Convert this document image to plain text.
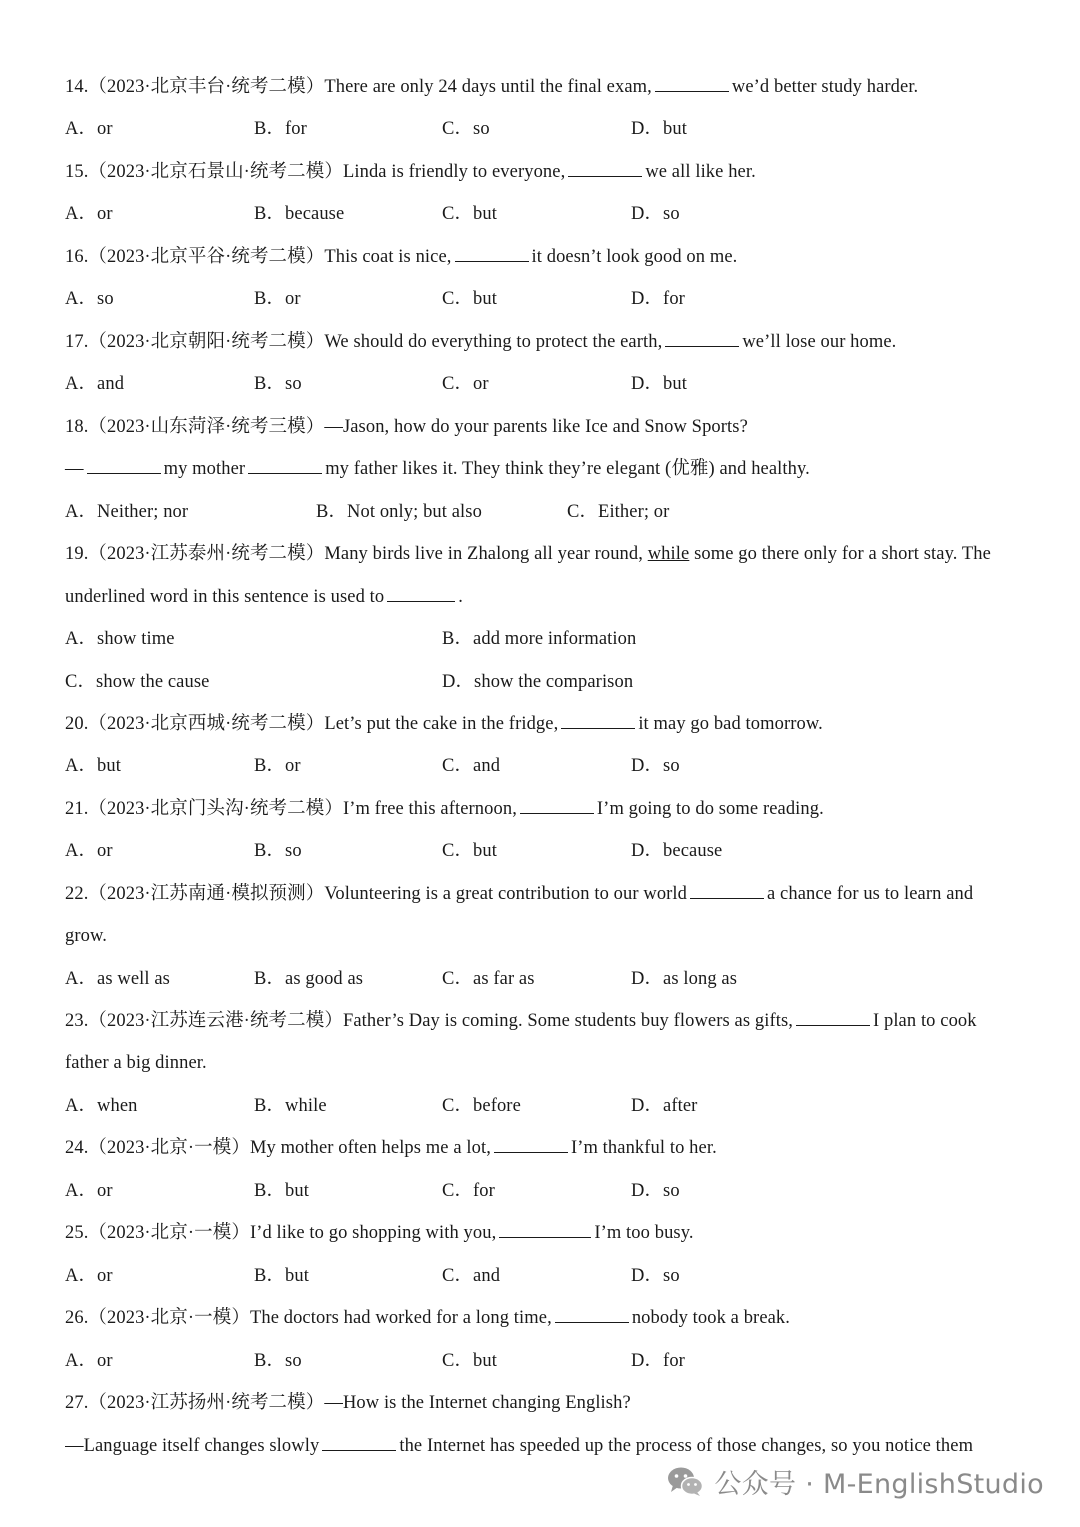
14.（2023·北京丰台·统考二模）There are only 24 days until the final exam,	we’d better study harder.
A．or	B．for	C．so	D．but
15.（2023·北京石景山·统考二模）Linda is friendly to everyone,	we all like her.
A．or	B．because	C．but	D．so
16.（2023·北京平谷·统考二模）This coat is nice,	it doesn’t look good on me.
A．so	B．or	C．but	D．for
17.（2023·北京朝阳·统考二模）We should do everything to protect the earth,	we’ll lose our home.
A．and	B．so	C．or	D．but
18.（2023·山东菏泽·统考三模）—Jason, how do your parents like Ice and Snow Sports?
—	my mother	my father likes it. They think they’re elegant (优雅) and healthy.
A．Neither; nor	B．Not only; but also	C．Either; or
19.（2023·江苏泰州·统考二模）Many birds live in Zhalong all year round, while some go there only for a short stay. The
underlined word in this sentence is used to	.
A．show time	B．add more information
C．show the cause	D．show the comparison
20.（2023·北京西城·统考二模）Let’s put the cake in the fridge,	it may go bad tomorrow.
A．but	B．or	C．and	D．so
21.（2023·北京门头沟·统考二模）I’m free this afternoon,	I’m going to do some reading.
A．or	B．so	C．but	D．because
22.（2023·江苏南通·模拟预测）Volunteering is a great contribution to our world	a chance for us to learn and
grow.
A．as well as	B．as good as	C．as far as	D．as long as
23.（2023·江苏连云港·统考二模）Father’s Day is coming. Some students buy flowers as gifts,	I plan to cook
father a big dinner.
A．when	B．while	C．before	D．after
24.（2023·北京·一模）My mother often helps me a lot,	I’m thankful to her.
A．or	B．but	C．for	D．so
25.（2023·北京·一模）I’d like to go shopping with you,	I’m too busy.
A．or	B．but	C．and	D．so
26.（2023·北京·一模）The doctors had worked for a long time,	nobody took a break.
A．or	B．so	C．but	D．for
27.（2023·江苏扬州·统考二模）—How is the Internet changing English?
—Language itself changes slowly	the Internet has speeded up the process of those changes, so you notice them
公众号 · M-EnglishStudio
